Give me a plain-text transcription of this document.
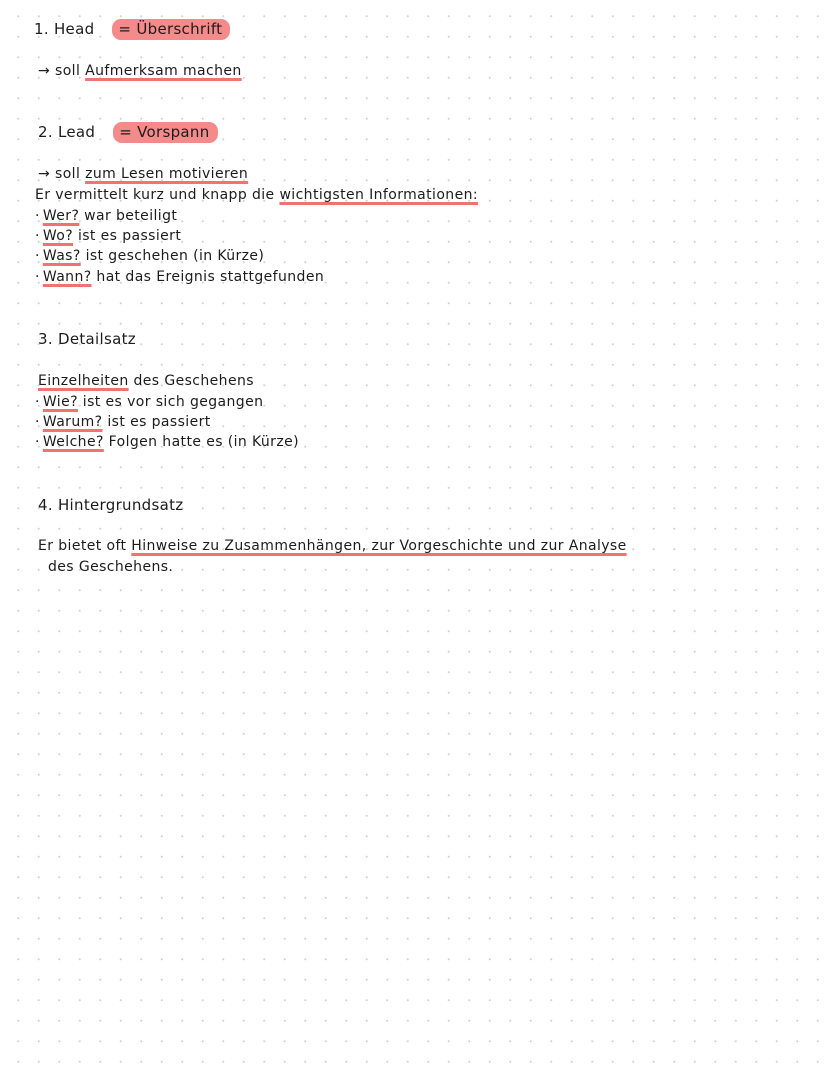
1. Head = Überschrift
→ soll Aufmerksam machen
2. Lead = Vorspann
→ soll zum Lesen motivieren
Er vermittelt kurz und knapp die wichtigsten Informationen:
· Wer? war beteiligt
· Wo? ist es passiert
· Was? ist geschehen (in Kürze)
· Wann? hat das Ereignis stattgefunden
3. Detailsatz
Einzelheiten des Geschehens
· Wie? ist es vor sich gegangen
· Warum? ist es passiert
· Welche? Folgen hatte es (in Kürze)
4. Hintergrundsatz
Er bietet oft Hinweise zu Zusammenhängen, zur Vorgeschichte und zur Analyse
des Geschehens.
